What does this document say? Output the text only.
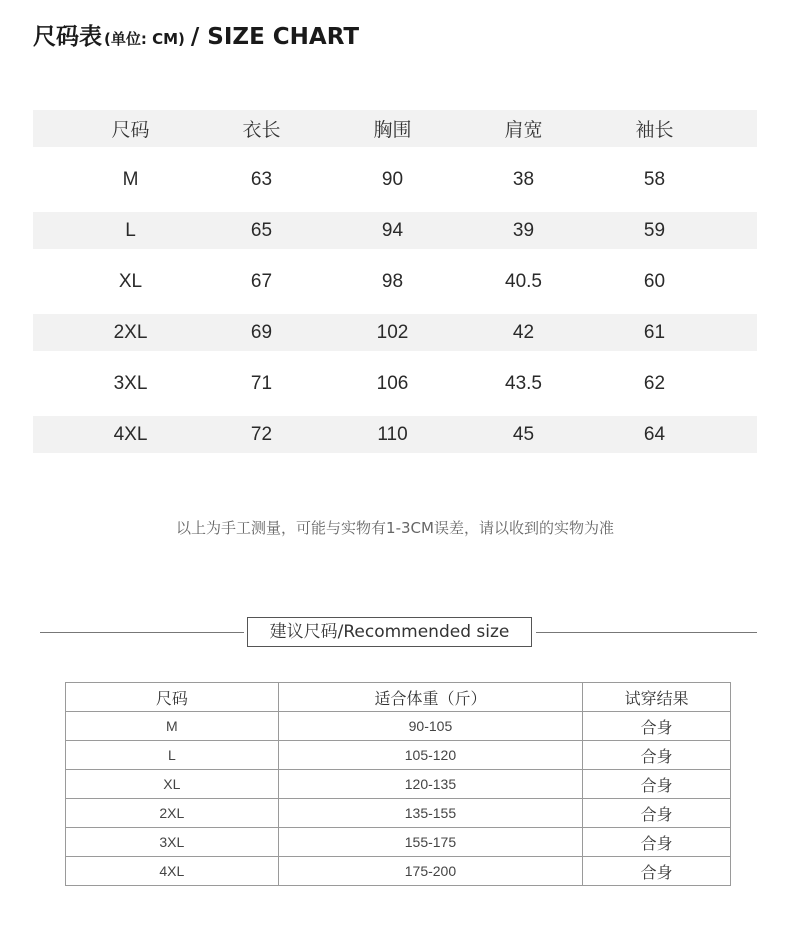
尺码表 (单位: CM) / SIZE CHART
尺码	衣长	胸围	肩宽	袖长
M	63	90	38	58
L	65	94	39	59
XL	67	98	40.5	60
2XL	69	102	42	61
3XL	71	106	43.5	62
4XL	72	110	45	64
以上为手工测量，可能与实物有1-3CM误差，请以收到的实物为准
建议尺码/Recommended size
尺码	适合体重（斤）	试穿结果
M	90-105	合身
L	105-120	合身
XL	120-135	合身
2XL	135-155	合身
3XL	155-175	合身
4XL	175-200	合身
